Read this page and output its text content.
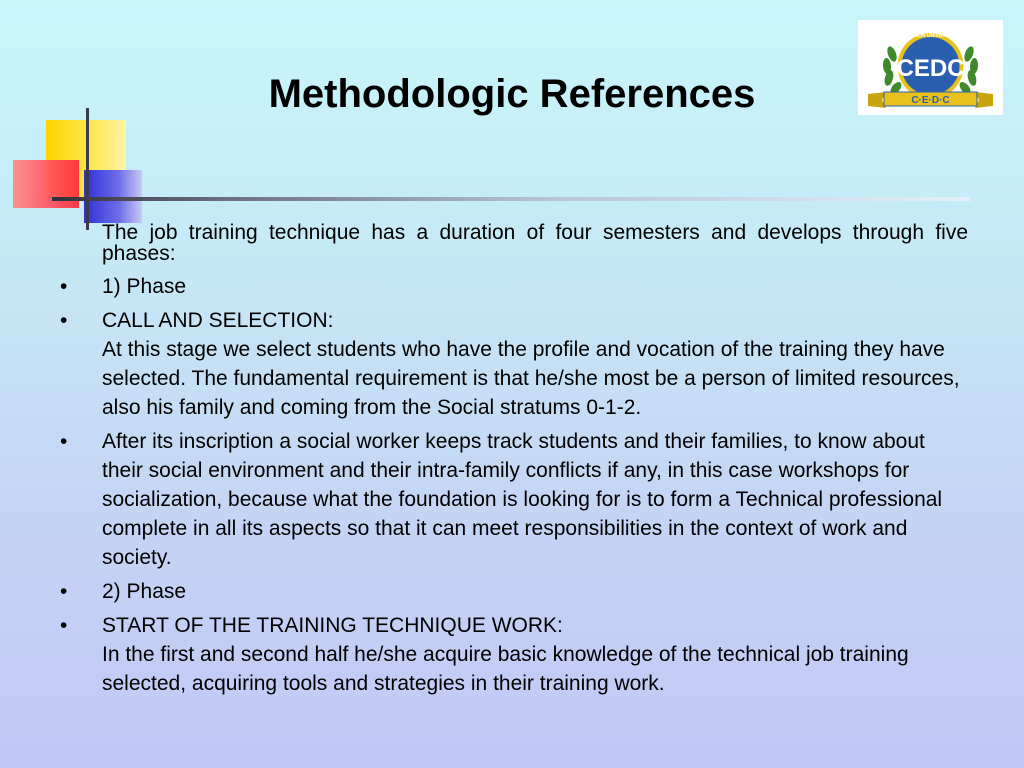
Methodologic References
FUNDACION UNIVERSITARIA
CEDC
C·E·D·C

The job training technique has a duration of four semesters and develops through five phases:

•	1) Phase
•	CALL AND SELECTION:
At this stage we select students who have the profile and vocation of the training they have selected. The fundamental requirement is that he/she most be a person of limited resources, also his family and coming from the Social stratums 0-1-2.
•	After its inscription a social worker keeps track students and their families, to know about their social environment and their intra-family conflicts if any, in this case workshops for socialization, because what the foundation is looking for is to form a Technical professional complete in all its aspects so that it can meet responsibilities in the context of work and society.
•	2) Phase
•	START OF THE TRAINING TECHNIQUE WORK:
In the first and second half he/she acquire basic knowledge of the technical job training selected, acquiring tools and strategies in their training work.
